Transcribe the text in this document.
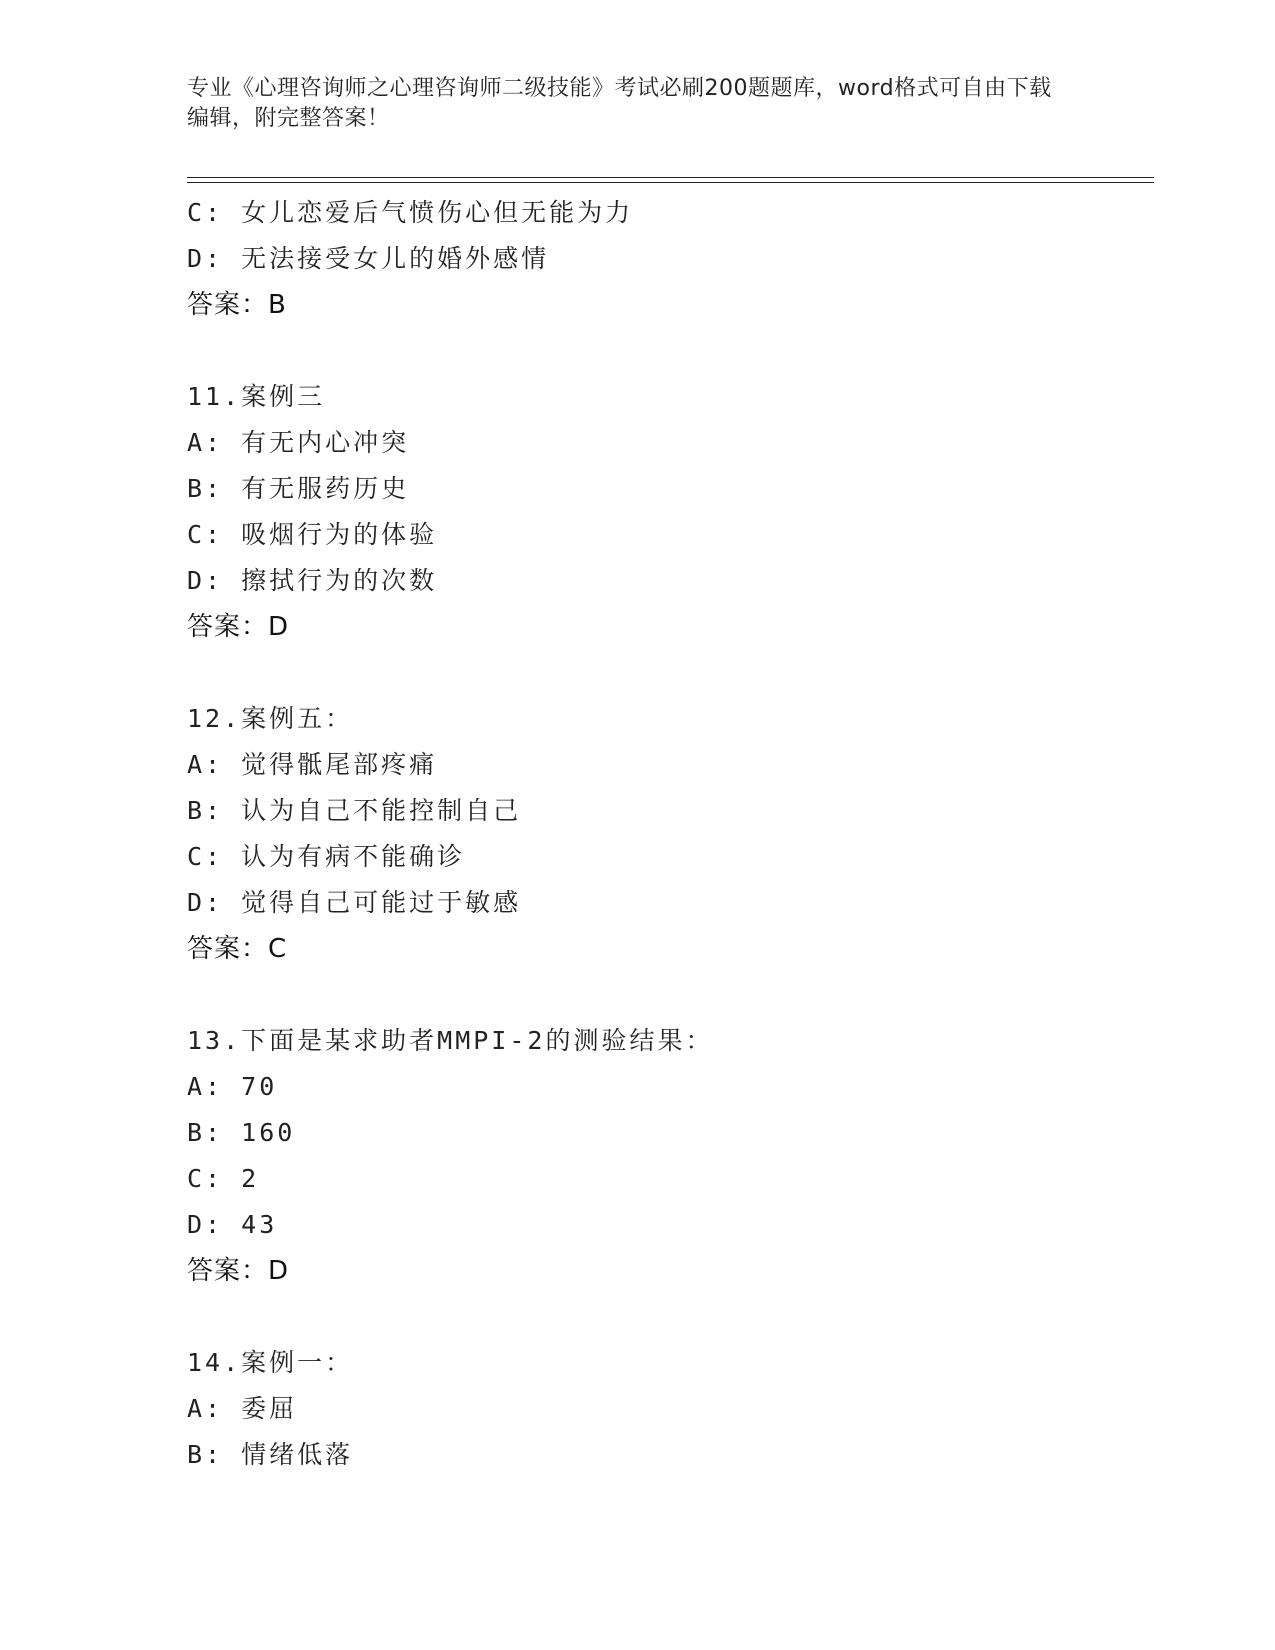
专业《心理咨询师之心理咨询师二级技能》考试必刷200题题库，word格式可自由下载编辑，附完整答案！
C: 女儿恋爱后气愤伤心但无能为力
D: 无法接受女儿的婚外感情
答案：B
11.案例三
A: 有无内心冲突
B: 有无服药历史
C: 吸烟行为的体验
D: 擦拭行为的次数
答案：D
12.案例五：
A: 觉得骶尾部疼痛
B: 认为自己不能控制自己
C: 认为有病不能确诊
D: 觉得自己可能过于敏感
答案：C
13.下面是某求助者MMPI-2的测验结果：
A: 70
B: 160
C: 2
D: 43
答案：D
14.案例一：
A: 委屈
B: 情绪低落
